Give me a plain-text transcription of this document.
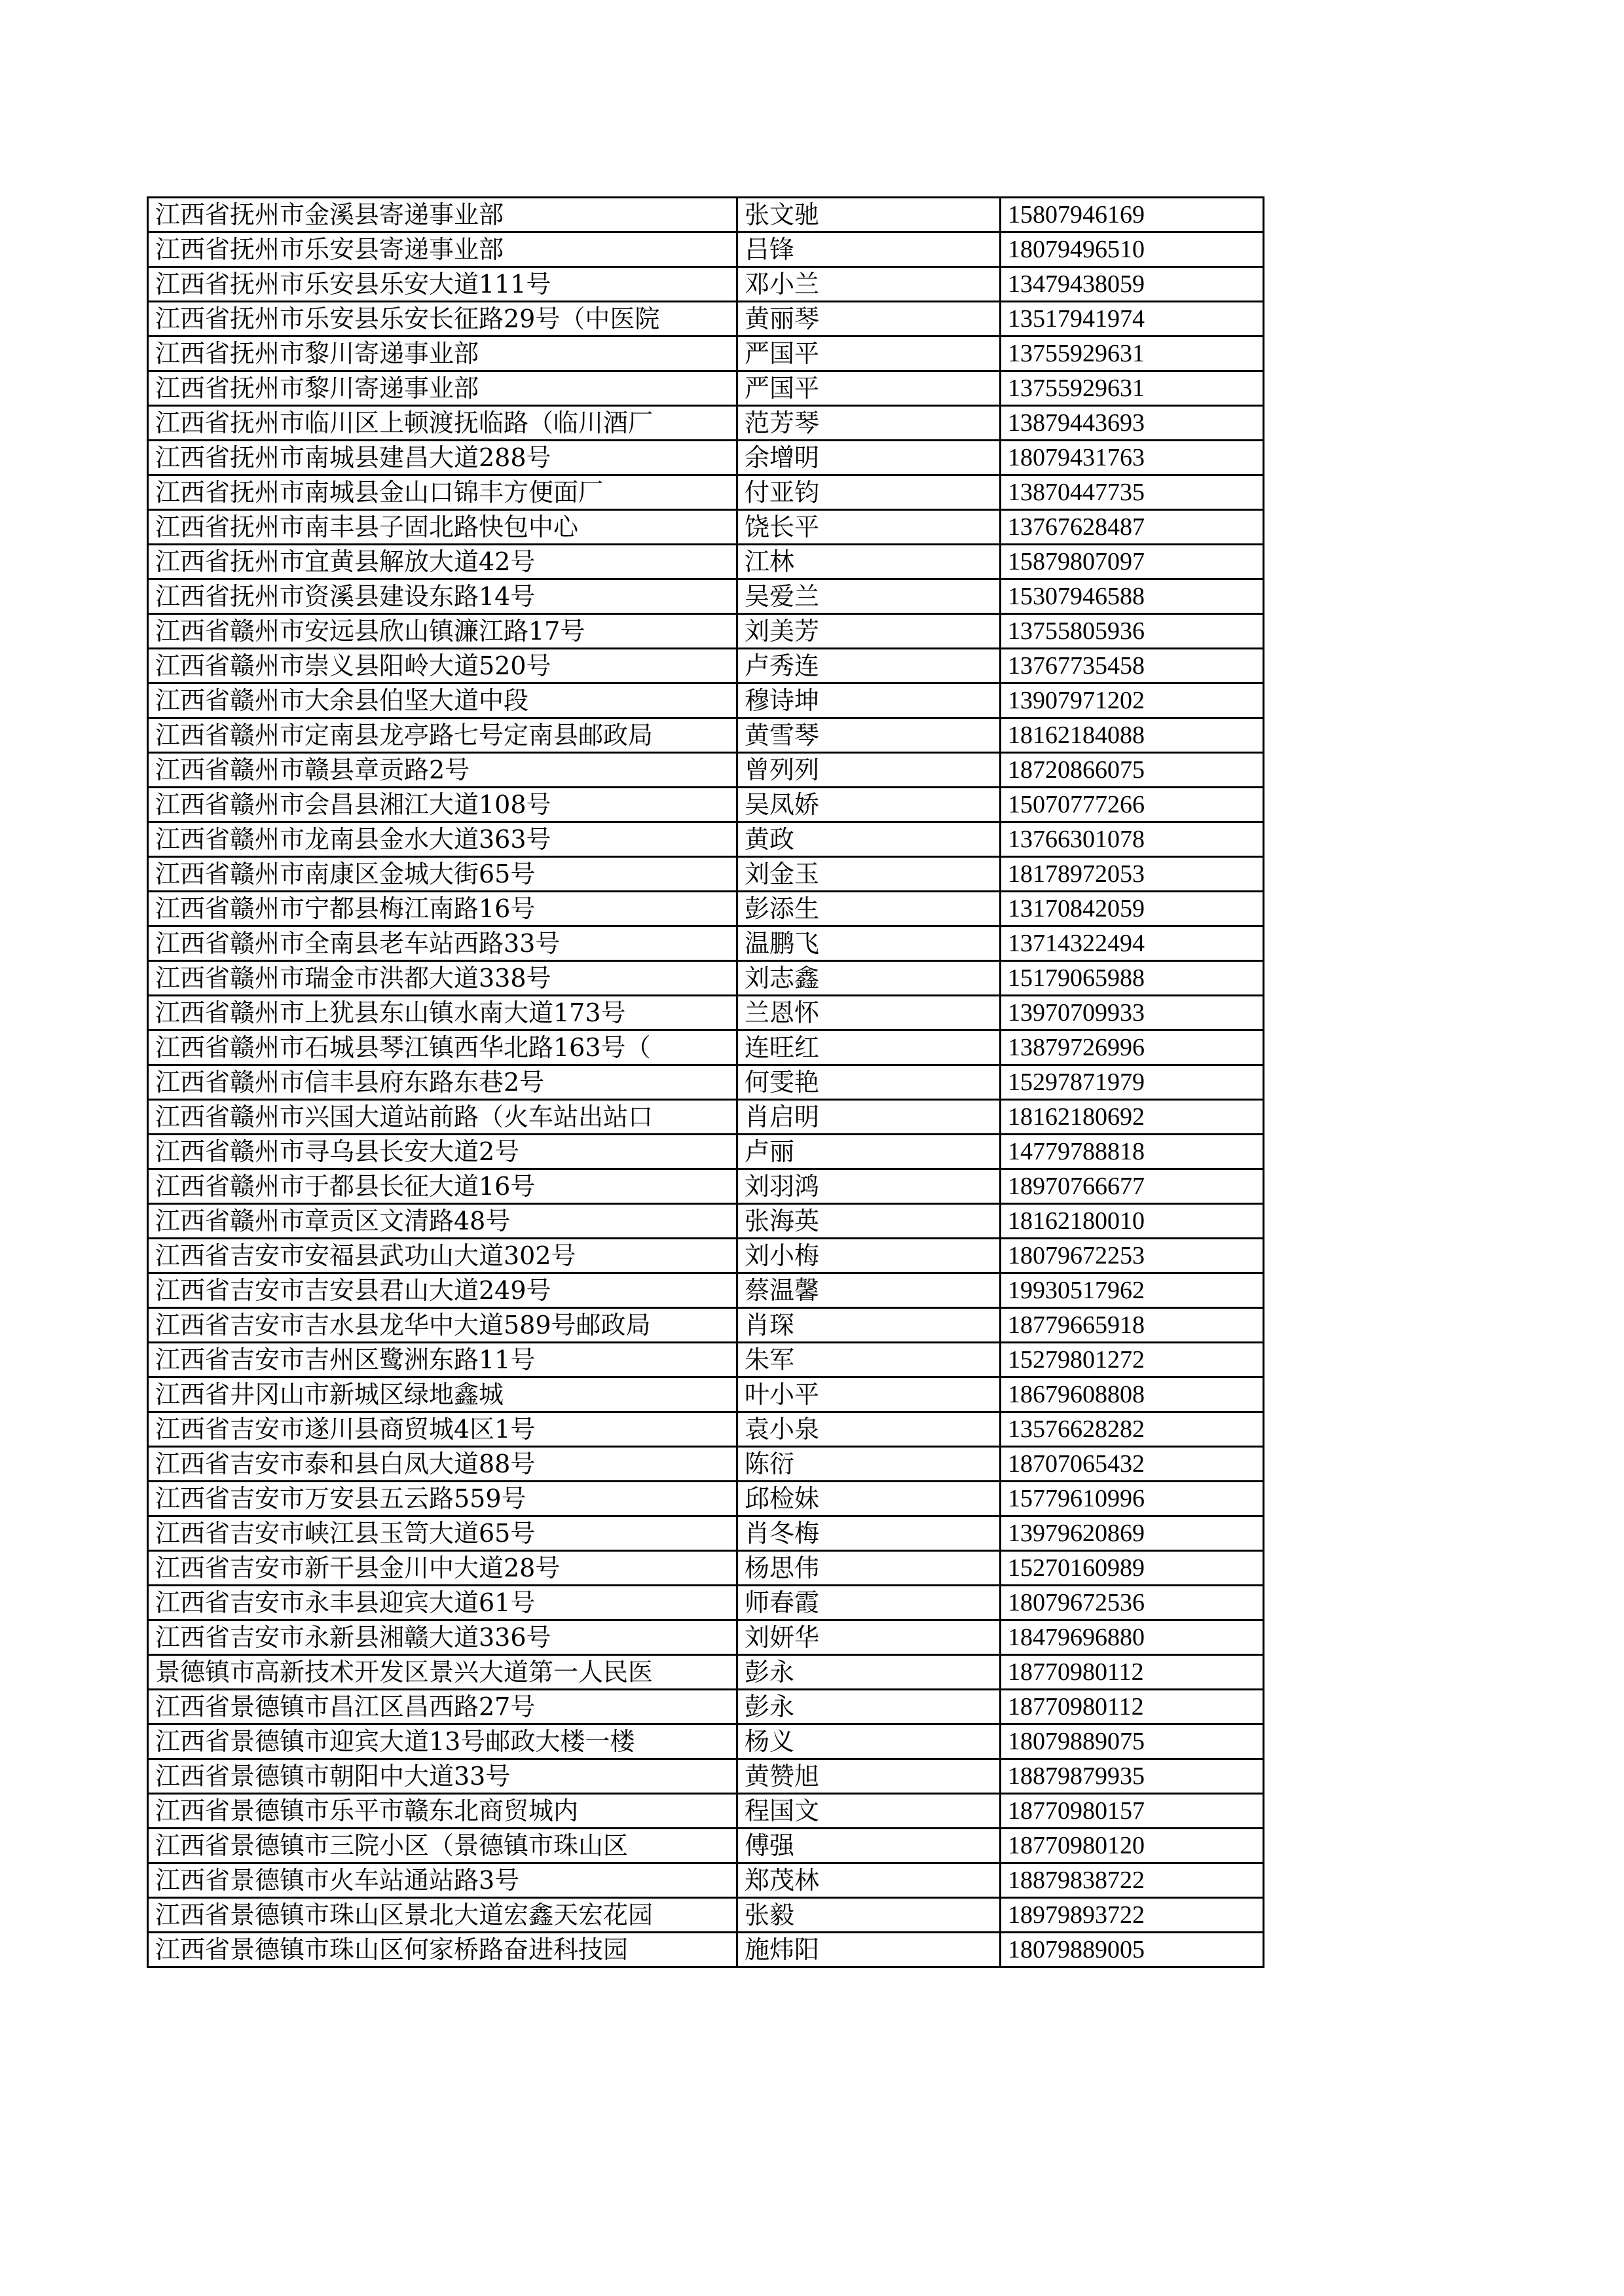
江西省抚州市金溪县寄递事业部	张文驰	15807946169
江西省抚州市乐安县寄递事业部	吕锋	18079496510
江西省抚州市乐安县乐安大道111号	邓小兰	13479438059
江西省抚州市乐安县乐安长征路29号（中医院	黄丽琴	13517941974
江西省抚州市黎川寄递事业部	严国平	13755929631
江西省抚州市黎川寄递事业部	严国平	13755929631
江西省抚州市临川区上顿渡抚临路（临川酒厂	范芳琴	13879443693
江西省抚州市南城县建昌大道288号	余增明	18079431763
江西省抚州市南城县金山口锦丰方便面厂	付亚钧	13870447735
江西省抚州市南丰县子固北路快包中心	饶长平	13767628487
江西省抚州市宜黄县解放大道42号	江林	15879807097
江西省抚州市资溪县建设东路14号	吴爱兰	15307946588
江西省赣州市安远县欣山镇濂江路17号	刘美芳	13755805936
江西省赣州市崇义县阳岭大道520号	卢秀连	13767735458
江西省赣州市大余县伯坚大道中段	穆诗坤	13907971202
江西省赣州市定南县龙亭路七号定南县邮政局	黄雪琴	18162184088
江西省赣州市赣县章贡路2号	曾列列	18720866075
江西省赣州市会昌县湘江大道108号	吴凤娇	15070777266
江西省赣州市龙南县金水大道363号	黄政	13766301078
江西省赣州市南康区金城大街65号	刘金玉	18178972053
江西省赣州市宁都县梅江南路16号	彭添生	13170842059
江西省赣州市全南县老车站西路33号	温鹏飞	13714322494
江西省赣州市瑞金市洪都大道338号	刘志鑫	15179065988
江西省赣州市上犹县东山镇水南大道173号	兰恩怀	13970709933
江西省赣州市石城县琴江镇西华北路163号（	连旺红	13879726996
江西省赣州市信丰县府东路东巷2号	何雯艳	15297871979
江西省赣州市兴国大道站前路（火车站出站口	肖启明	18162180692
江西省赣州市寻乌县长安大道2号	卢丽	14779788818
江西省赣州市于都县长征大道16号	刘羽鸿	18970766677
江西省赣州市章贡区文清路48号	张海英	18162180010
江西省吉安市安福县武功山大道302号	刘小梅	18079672253
江西省吉安市吉安县君山大道249号	蔡温馨	19930517962
江西省吉安市吉水县龙华中大道589号邮政局	肖琛	18779665918
江西省吉安市吉州区鹭洲东路11号	朱军	15279801272
江西省井冈山市新城区绿地鑫城	叶小平	18679608808
江西省吉安市遂川县商贸城4区1号	袁小泉	13576628282
江西省吉安市泰和县白凤大道88号	陈衍	18707065432
江西省吉安市万安县五云路559号	邱检妹	15779610996
江西省吉安市峡江县玉笥大道65号	肖冬梅	13979620869
江西省吉安市新干县金川中大道28号	杨思伟	15270160989
江西省吉安市永丰县迎宾大道61号	师春霞	18079672536
江西省吉安市永新县湘赣大道336号	刘妍华	18479696880
景德镇市高新技术开发区景兴大道第一人民医	彭永	18770980112
江西省景德镇市昌江区昌西路27号	彭永	18770980112
江西省景德镇市迎宾大道13号邮政大楼一楼	杨义	18079889075
江西省景德镇市朝阳中大道33号	黄赞旭	18879879935
江西省景德镇市乐平市赣东北商贸城内	程国文	18770980157
江西省景德镇市三院小区（景德镇市珠山区	傅强	18770980120
江西省景德镇市火车站通站路3号	郑茂林	18879838722
江西省景德镇市珠山区景北大道宏鑫天宏花园	张毅	18979893722
江西省景德镇市珠山区何家桥路奋进科技园	施炜阳	18079889005
